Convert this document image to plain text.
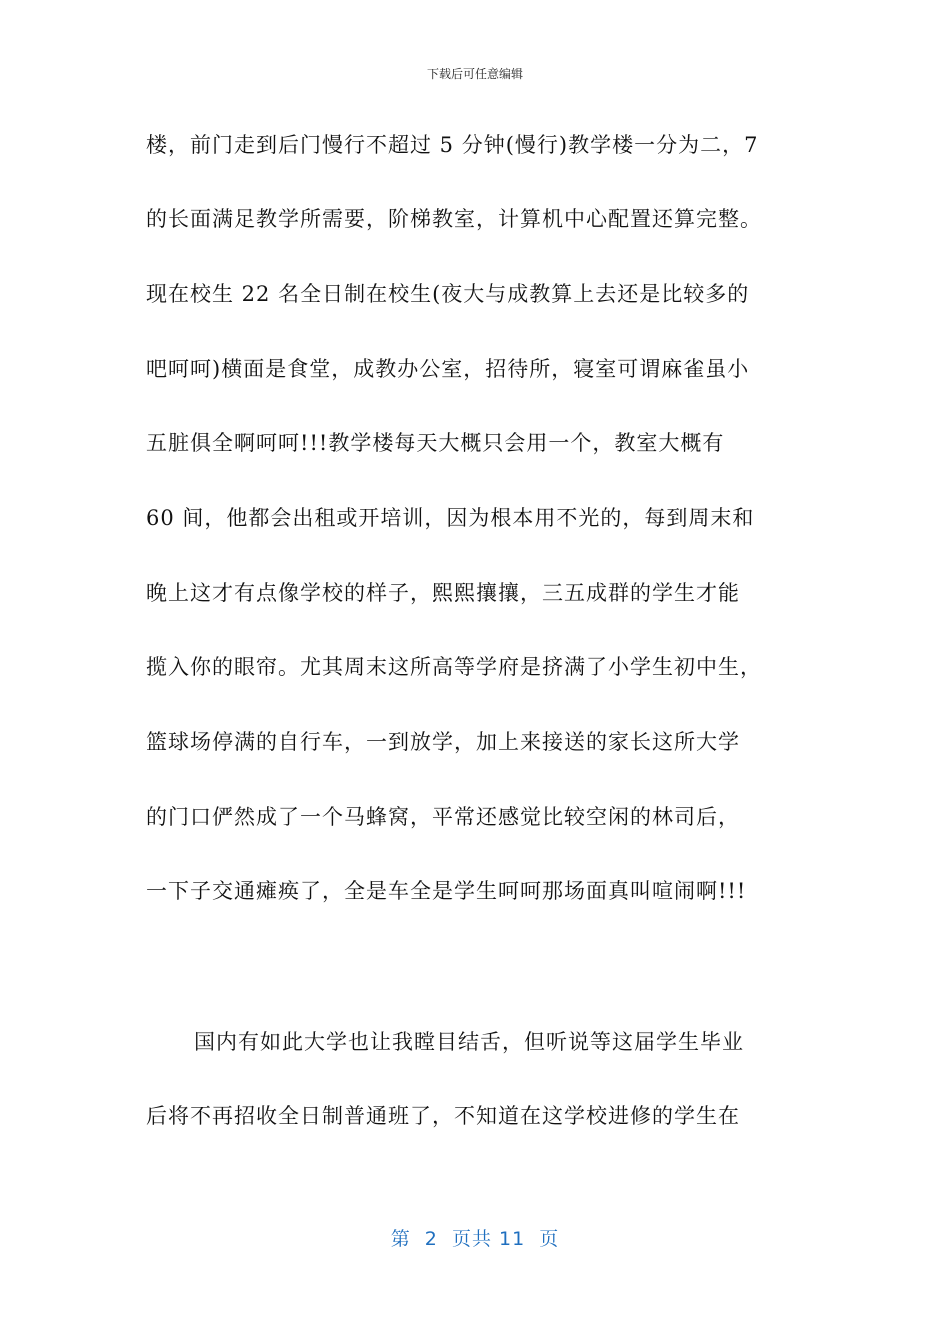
下载后可任意编辑
楼，前门走到后门慢行不超过 5 分钟(慢行)教学楼一分为二，7
的长面满足教学所需要，阶梯教室，计算机中心配置还算完整。
现在校生 22 名全日制在校生(夜大与成教算上去还是比较多的
吧呵呵)横面是食堂，成教办公室，招待所，寝室可谓麻雀虽小
五脏俱全啊呵呵!!!教学楼每天大概只会用一个，教室大概有
60 间，他都会出租或开培训，因为根本用不光的，每到周末和
晚上这才有点像学校的样子，熙熙攘攘，三五成群的学生才能
揽入你的眼帘。尤其周末这所高等学府是挤满了小学生初中生，
篮球场停满的自行车，一到放学，加上来接送的家长这所大学
的门口俨然成了一个马蜂窝，平常还感觉比较空闲的林司后，
一下子交通瘫痪了，全是车全是学生呵呵那场面真叫喧闹啊!!!
国内有如此大学也让我瞠目结舌，但听说等这届学生毕业
后将不再招收全日制普通班了，不知道在这学校进修的学生在
第  2  页共 11  页
